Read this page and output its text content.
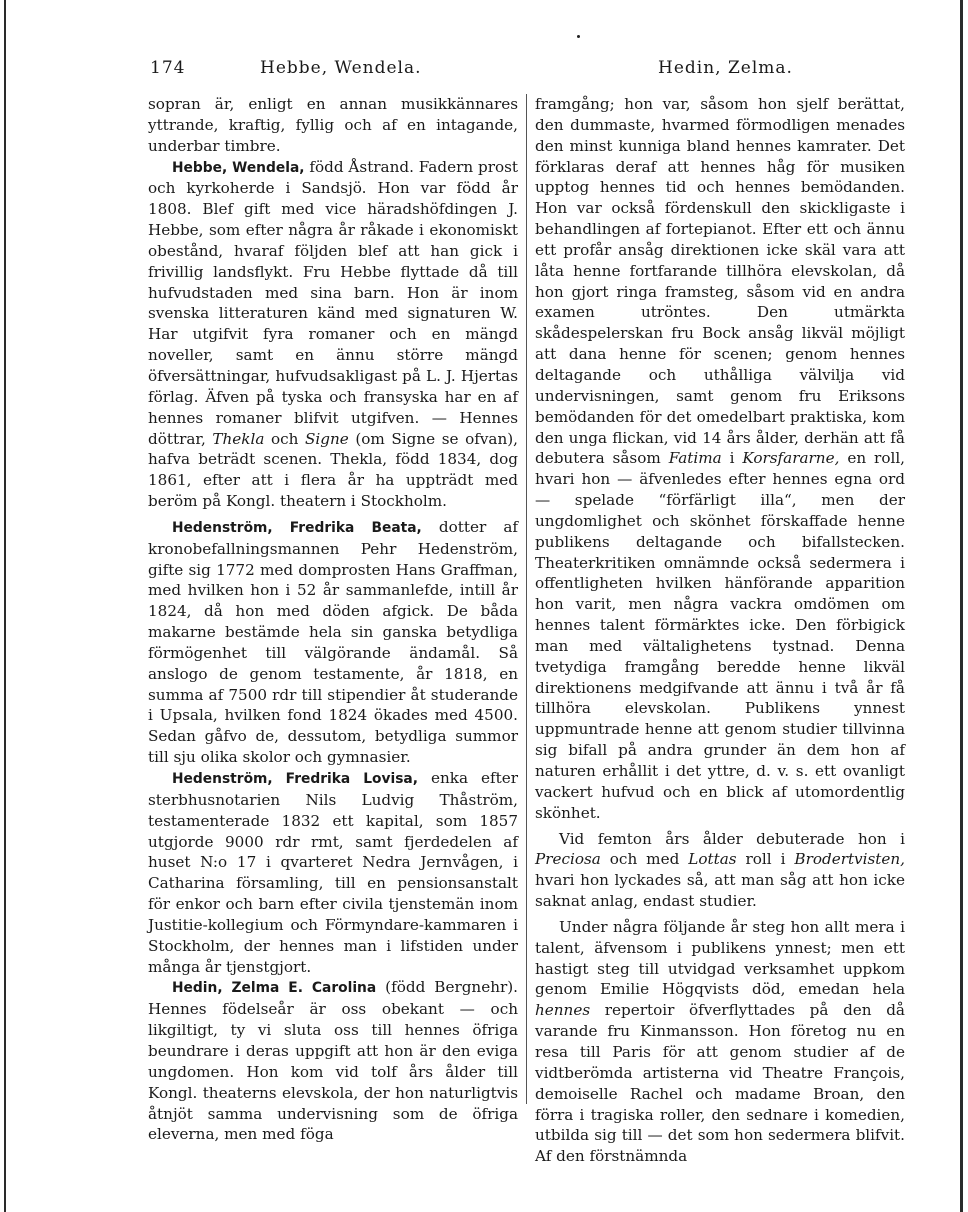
174	Hebbe, Wendela.	Hedin, Zelma.

sopran är, enligt en annan musikkännares yttrande, kraftig, fyllig och af en intagande, underbar timbre.

Hebbe, Wendela, född Åstrand. Fadern prost och kyrkoherde i Sandsjö. Hon var född år 1808. Blef gift med vice häradshöfdingen J. Hebbe, som efter några år råkade i ekonomiskt obestånd, hvaraf följden blef att han gick i frivillig landsflykt. Fru Hebbe flyttade då till hufvudstaden med sina barn. Hon är inom svenska litteraturen känd med signaturen W. Har utgifvit fyra romaner och en mängd noveller, samt en ännu större mängd öfversättningar, hufvudsakligast på L. J. Hjertas förlag. Äfven på tyska och fransyska har en af hennes romaner blifvit utgifven. — Hennes döttrar, Thekla och Signe (om Signe se ofvan), hafva beträdt scenen. Thekla, född 1834, dog 1861, efter att i flera år ha uppträdt med beröm på Kongl. theatern i Stockholm.

Hedenström, Fredrika Beata, dotter af kronobefallningsmannen Pehr Hedenström, gifte sig 1772 med domprosten Hans Graffman, med hvilken hon i 52 år sammanlefde, intill år 1824, då hon med döden afgick. De båda makarne bestämde hela sin ganska betydliga förmögenhet till välgörande ändamål. Så anslogo de genom testamente, år 1818, en summa af 7500 rdr till stipendier åt studerande i Upsala, hvilken fond 1824 ökades med 4500. Sedan gåfvo de, dessutom, betydliga summor till sju olika skolor och gymnasier.

Hedenström, Fredrika Lovisa, enka efter sterbhusnotarien Nils Ludvig Thåström, testamenterade 1832 ett kapital, som 1857 utgjorde 9000 rdr rmt, samt fjerdedelen af huset N:o 17 i qvarteret Nedra Jernvågen, i Catharina församling, till en pensionsanstalt för enkor och barn efter civila tjenstemän inom Justitie-kollegium och Förmyndare-kammaren i Stockholm, der hennes man i lifstiden under många år tjenstgjort.

Hedin, Zelma E. Carolina (född Bergnehr). Hennes födelseår är oss obekant — och likgiltigt, ty vi sluta oss till hennes öfriga beundrare i deras uppgift att hon är den eviga ungdomen. Hon kom vid tolf års ålder till Kongl. theaterns elevskola, der hon naturligtvis åtnjöt samma undervisning som de öfriga eleverna, men med föga

framgång; hon var, såsom hon sjelf berättat, den dummaste, hvarmed förmodligen menades den minst kunniga bland hennes kamrater. Det förklaras deraf att hennes håg för musiken upptog hennes tid och hennes bemödanden. Hon var också fördenskull den skickligaste i behandlingen af fortepianot. Efter ett och ännu ett profår ansåg direktionen icke skäl vara att låta henne fortfarande tillhöra elevskolan, då hon gjort ringa framsteg, såsom vid en andra examen utröntes. Den utmärkta skådespelerskan fru Bock ansåg likväl möjligt att dana henne för scenen; genom hennes deltagande och uthålliga välvilja vid undervisningen, samt genom fru Eriksons bemödanden för det omedelbart praktiska, kom den unga flickan, vid 14 års ålder, derhän att få debutera såsom Fatima i Korsfararne, en roll, hvari hon — äfvenledes efter hennes egna ord — spelade “förfärligt illa“, men der ungdomlighet och skönhet förskaffade henne publikens deltagande och bifallstecken. Theaterkritiken omnämnde också sedermera i offentligheten hvilken hänförande apparition hon varit, men några vackra omdömen om hennes talent förmärktes icke. Den förbigick man med vältalighetens tystnad. Denna tvetydiga framgång beredde henne likväl direktionens medgifvande att ännu i två år få tillhöra elevskolan. Publikens ynnest uppmuntrade henne att genom studier tillvinna sig bifall på andra grunder än dem hon af naturen erhållit i det yttre, d. v. s. ett ovanligt vackert hufvud och en blick af utomordentlig skönhet.

Vid femton års ålder debuterade hon i Preciosa och med Lottas roll i Brodertvisten, hvari hon lyckades så, att man såg att hon icke saknat anlag, endast studier.

Under några följande år steg hon allt mera i talent, äfvensom i publikens ynnest; men ett hastigt steg till utvidgad verksamhet uppkom genom Emilie Högqvists död, emedan hela hennes repertoir öfverflyttades på den då varande fru Kinmansson. Hon företog nu en resa till Paris för att genom studier af de vidtberömda artisterna vid Theatre François, demoiselle Rachel och madame Broan, den förra i tragiska roller, den sednare i komedien, utbilda sig till — det som hon sedermera blifvit. Af den förstnämnda
